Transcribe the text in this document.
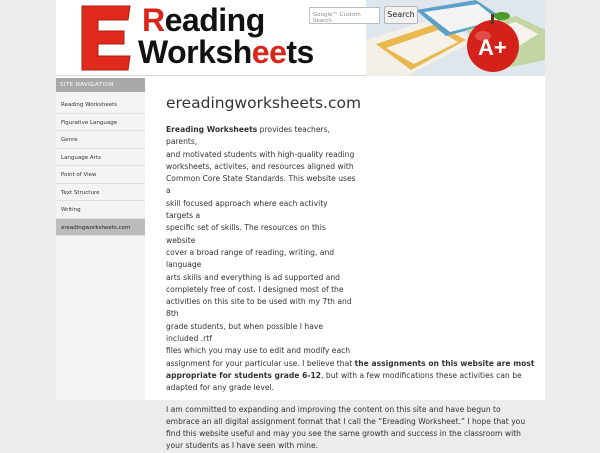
Reading
Worksheets	A+
Google™ Custom Search
Search
SITE NAVIGATION
Reading Worksheets
Figurative Language
Genre
Language Arts
Point of View
Text Structure
Writing
ereadingworksheets.com
ereadingworksheets.com
Ereading Worksheets provides teachers, parents,
and motivated students with high-quality reading
worksheets, activites, and resources aligned with
Common Core State Standards. This website uses a
skill focused approach where each activity targets a
specific set of skills. The resources on this website
cover a broad range of reading, writing, and language
arts skills and everything is ad supported and
completely free of cost. I designed most of the
activities on this site to be used with my 7th and 8th
grade students, but when possible I have included .rtf
files which you may use to edit and modify each
assignment for your particular use. I believe that the assignments on this website are most appropriate for students grade 6-12, but with a few modifications these activities can be adapted for any grade level.

I am committed to expanding and improving the content on this site and have begun to embrace an all digital assignment format that I call the “Ereading Worksheet.” I hope that you find this website useful and may you see the same growth and success in the classroom with your students as I have seen with mine.
